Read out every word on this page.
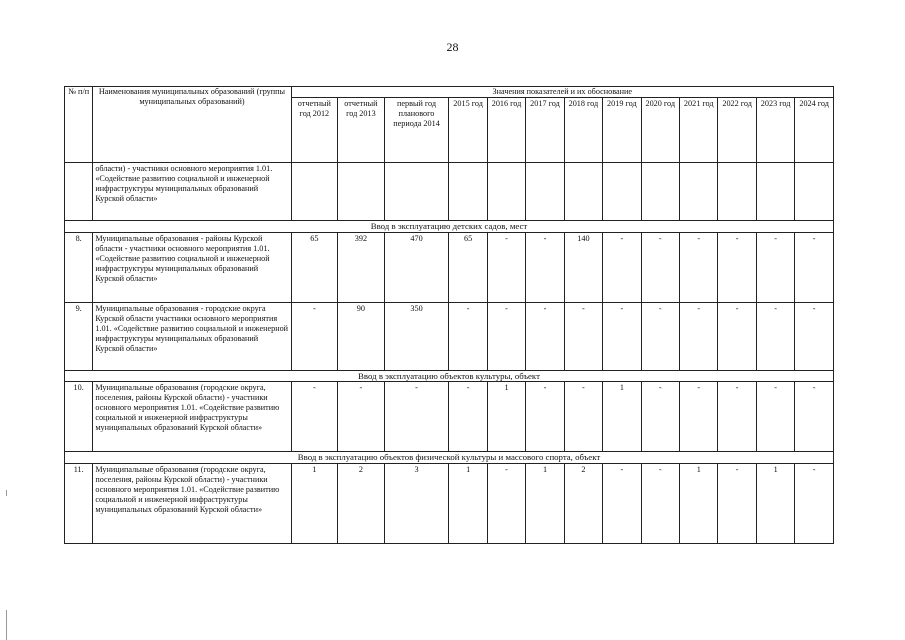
28
№ п/п	Наименования муниципальных образований (группы муниципальных образований)	Значения показателей и их обоснование												
		отчетный год 2012	отчетный год 2013	первый год планового периода 2014	2015 год	2016 год	2017 год	2018 год	2019 год	2020 год	2021 год	2022 год	2023 год	2024 год
	области) - участники основного мероприятия 1.01. «Содействие развитию социальной и инженерной инфраструктуры муниципальных образований Курской области»													
Ввод в эксплуатацию детских садов, мест														
8.	Муниципальные образования - районы Курской области - участники основного мероприятия 1.01. «Содействие развитию социальной и инженерной инфраструктуры муниципальных образований Курской области»	65	392	470	65	-	-	140	-	-	-	-	-	-
9.	Муниципальные образования - городские округа Курской области участники основного мероприятия 1.01. «Содействие развитию социальной и инженерной инфраструктуры муниципальных образований Курской области»	-	90	350	-	-	-	-	-	-	-	-	-	-
Ввод в эксплуатацию объектов культуры, объект														
10.	Муниципальные образования (городские округа, поселения, районы Курской области) - участники основного мероприятия 1.01. «Содействие развитию социальной и инженерной инфраструктуры муниципальных образований Курской области»	-	-	-	-	1	-	-	1	-	-	-	-	-
Ввод в эксплуатацию объектов физической культуры и массового спорта, объект														
11.	Муниципальные образования (городские округа, поселения, районы Курской области) - участники основного мероприятия 1.01. «Содействие развитию социальной и инженерной инфраструктуры муниципальных образований Курской области»	1	2	3	1	-	1	2	-	-	1	-	1	-
